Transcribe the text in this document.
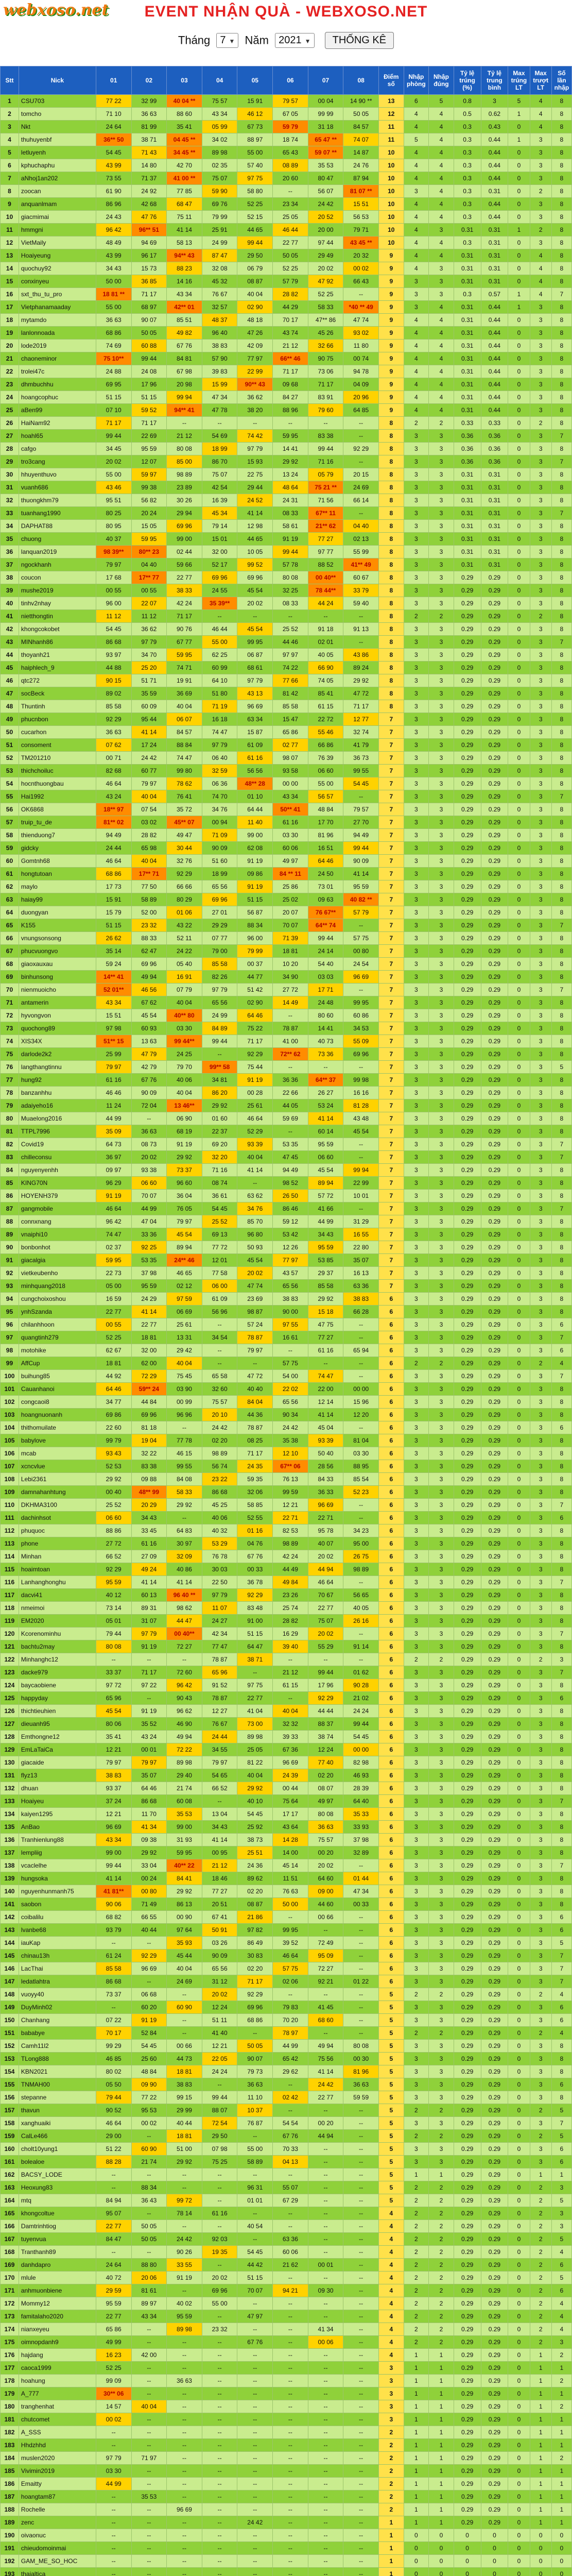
webxoso.net	EVENT NHẬN QUÀ - WEBXOSO.NET
Tháng 7 ▼ Năm 2021 ▼ THỐNG KÊ
Stt	Nick	01	02	03	04	05	06	07	08	Điểm số	Nhập phòng	Nhập đúng	Tỷ lệ trúng (%)	Tỷ lệ trung bình	Max trúng LT	Max trượt LT	Số lần nhập
1	CSU703	77 22	32 99	40 04 **	75 57	15 91	79 57	00 04	14 90 **	13	6	5	0.8	3	5	4	8
2	tomcho	71 10	36 63	88 60	43 34	46 12	67 05	99 99	50 05	12	4	4	0.5	0.62	1	4	8
3	Nkt	24 64	81 99	35 41	05 99	67 73	59 79	31 18	84 57	11	4	4	0.3	0.43	0	4	8
4	thuhuyenbf	36** 50	38 71	04 45 **	34 02	88 97	18 74	65 47 **	74 07	11	5	4	0.3	0.44	1	3	8
5	letluyenh	54 45	71 43	34 45 **	89 98	55 00	65 43	59 07 **	14 87	10	4	4	0.3	0.44	0	3	8
6	kphuchaphu	43 99	14 80	42 70	02 35	57 40	08 89	35 53	24 76	10	4	4	0.3	0.44	0	3	8
7	aNhoj1an202	73 55	71 37	41 00 **	75 07	97 75	20 60	80 47	87 94	10	4	4	0.3	0.44	0	3	8
8	zoocan	61 90	24 92	77 85	59 90	58 80	--	56 07	81 07 **	10	3	4	0.3	0.31	0	2	8
9	anquanlmam	86 96	42 68	68 47	69 76	52 25	23 34	24 42	15 51	10	4	4	0.3	0.44	0	3	8
10	giacmimai	24 43	47 76	75 11	79 99	52 15	25 05	20 52	56 53	10	4	4	0.3	0.44	0	3	8
11	hmmgni	96 42	96** 51	41 14	25 91	44 65	46 44	20 00	79 71	10	4	3	0.31	0.31	1	2	8
12	VietMaily	48 49	94 69	58 13	24 99	99 44	22 77	97 44	43 45 **	10	4	4	0.3	0.31	0	3	8
13	Hoaiyeung	43 99	96 17	94** 43	87 47	29 50	50 05	29 49	20 32	9	4	4	0.31	0.31	0	4	8
14	quochuy92	34 43	15 73	88 23	32 08	06 79	52 25	20 02	00 02	9	4	3	0.31	0.31	0	4	8
15	conxinyeu	50 00	36 85	14 16	45 32	08 87	57 79	47 92	66 43	9	3	3	0.31	0.31	0	4	8
16	sxt_thu_tu_pro	18 81 **	71 17	43 34	76 67	40 04	28 82	52 25	--	9	3	3	0.3	0.57	1	4	7
17	Vietphanamaaday	55 00	68 97	42** 01	32 57	02 90	44 29	58 33	*40 ** 49	9	3	4	0.31	0.44	1	3	8
18	mytamdo	36 63	90 07	85 51	48 37	48 18	70 17	47** 86	47 74	9	4	4	0.31	0.44	0	3	8
19	lanlonnoada	68 86	50 05	49 82	96 40	47 26	43 74	45 26	93 02	9	4	4	0.31	0.44	0	3	8
20	lode2019	74 69	60 88	67 76	38 83	42 09	21 12	32 66	11 80	9	4	4	0.31	0.44	0	3	8
21	chaoneminor	75 10**	99 44	84 81	57 90	77 97	66** 46	90 75	00 74	9	4	4	0.31	0.44	0	3	8
22	trolei47c	24 88	24 08	67 98	39 83	22 99	71 17	73 06	94 78	9	4	4	0.31	0.44	0	3	8
23	dhmbuchhu	69 95	17 96	20 98	15 99	90** 43	09 68	71 17	04 09	9	4	4	0.31	0.44	0	3	8
24	hoangcophuc	51 15	51 15	99 94	47 34	36 62	84 27	83 91	20 96	9	4	4	0.31	0.44	0	3	8
25	aBen99	07 10	59 52	94** 41	47 78	38 20	88 96	79 60	64 85	9	4	4	0.31	0.44	0	3	8
26	HaiNam92	71 17	71 17	--	--	--	--	--	--	8	2	2	0.33	0.33	0	2	8
27	hoahl65	99 44	22 69	21 12	54 69	74 42	59 95	83 38	--	8	3	3	0.36	0.36	0	3	7
28	cafgo	34 45	95 59	80 08	18 99	97 79	14 41	99 44	92 29	8	3	3	0.36	0.36	0	3	8
29	tro3cang	20 02	12 07	85 00	86 70	15 93	29 92	71 16	--	8	3	3	0.36	0.36	0	3	7
30	hhuyenthuvo	55 00	59 97	98 89	75 07	22 75	13 24	05 79	20 15	8	3	3	0.31	0.31	0	3	8
31	vuanh686	43 46	99 38	23 89	42 54	29 44	48 64	75 21 **	24 69	8	3	3	0.31	0.31	0	3	8
32	thuongkhm79	95 51	56 82	30 26	16 39	24 52	24 31	71 56	66 14	8	3	3	0.31	0.31	0	3	8
33	tuanhang1990	80 25	20 24	29 94	45 34	41 14	08 33	67** 11	--	8	3	3	0.31	0.31	0	3	7
34	DAPHAT88	80 95	15 05	69 96	79 14	12 98	58 61	21** 62	04 40	8	3	3	0.31	0.31	0	3	8
35	chuong	40 37	59 95	99 00	15 01	44 65	91 19	77 27	02 13	8	3	3	0.31	0.31	0	3	8
36	lanquan2019	98 39**	80** 23	02 44	32 00	10 05	99 44	97 77	55 99	8	3	3	0.31	0.31	0	3	8
37	ngockhanh	79 97	04 40	59 66	52 17	99 52	57 78	88 52	41** 49	8	3	3	0.31	0.31	0	3	8
38	coucon	17 68	17** 77	22 77	69 96	69 96	80 08	00 40**	60 67	8	3	3	0.29	0.29	0	3	8
39	mushe2019	00 55	00 55	38 33	24 55	45 54	32 25	78 44**	33 79	8	3	3	0.29	0.29	0	3	8
40	tinhv2nhay	96 00	22 07	42 24	35 39**	20 02	08 33	44 24	59 40	8	3	3	0.29	0.29	0	3	8
41	nietthongtin	11 12	11 12	71 17	--	--	--	--	--	8	2	2	0.29	0.29	0	2	8
42	khongcokobet	54 45	36 62	90 76	46 44	45 54	25 52	91 18	91 13	8	3	3	0.29	0.29	0	3	8
43	MINhanh86	86 68	97 79	67 77	55 00	99 95	44 46	02 01	--	8	3	3	0.29	0.29	0	3	7
44	thoyanh21	93 97	34 70	59 95	62 25	06 87	97 97	40 05	43 86	8	3	3	0.29	0.29	0	3	8
45	haiphlech_9	44 88	25 20	74 71	60 99	68 61	74 22	66 90	89 24	8	3	3	0.29	0.29	0	3	8
46	qtc272	90 15	51 71	19 91	64 10	97 79	77 66	74 05	29 92	8	3	3	0.29	0.29	0	3	8
47	socBeck	89 02	35 59	36 69	51 80	43 13	81 42	85 41	47 72	8	3	3	0.29	0.29	0	3	8
48	Thuntinh	85 58	60 09	40 04	71 19	96 69	85 58	61 15	71 17	8	3	3	0.29	0.29	0	3	8
49	phucnbon	92 29	95 44	06 07	16 18	63 34	15 47	22 72	12 77	7	3	3	0.29	0.29	0	3	8
50	cucarhon	36 63	41 14	84 57	74 47	15 87	65 86	55 46	32 74	7	3	3	0.29	0.29	0	3	8
51	consoment	07 62	17 24	88 84	97 79	61 09	02 77	66 86	41 79	7	3	3	0.29	0.29	0	3	8
52	TM201210	00 71	24 42	74 47	06 40	61 16	98 07	76 39	36 73	7	3	3	0.29	0.29	0	3	8
53	thichchoiluc	82 68	60 77	99 80	32 59	56 56	93 58	06 60	99 55	7	3	3	0.29	0.29	0	3	8
54	hocnthuongbau	46 64	79 97	78 62	06 36	48** 28	00 00	55 00	54 45	7	3	3	0.29	0.29	0	3	8
55	Hai1992	43 24	40 04	76 41	74 70	01 10	43 34	56 57	--	7	3	3	0.29	0.29	0	3	7
56	OK6868	18** 97	07 54	35 72	34 76	64 44	50** 41	48 84	79 57	7	3	3	0.29	0.29	0	3	8
57	truip_tu_de	81** 02	03 02	45** 07	00 94	11 40	61 16	17 70	27 70	7	3	3	0.29	0.29	0	3	8
58	thienduong7	94 49	28 82	49 47	71 09	99 00	03 30	81 96	94 49	7	3	3	0.29	0.29	0	3	8
59	gidcky	24 44	65 98	30 44	90 09	62 08	60 06	16 51	99 44	7	3	3	0.29	0.29	0	3	8
60	Gomtnh68	46 64	40 04	32 76	51 60	91 19	49 97	64 46	90 09	7	3	3	0.29	0.29	0	3	8
61	hongtutoan	68 86	17** 71	92 29	18 99	09 86	84 ** 11	24 50	41 14	7	3	3	0.29	0.29	0	3	8
62	maylo	17 73	77 50	66 66	65 56	91 19	25 86	73 01	95 59	7	3	3	0.29	0.29	0	3	8
63	haiay99	15 91	58 89	80 29	69 96	51 15	25 02	09 63	40 82 **	7	3	3	0.29	0.29	0	3	8
64	duongyan	15 79	52 00	01 06	27 01	56 87	20 07	76 67**	57 79	7	3	3	0.29	0.29	0	3	8
65	K155	51 15	23 32	43 22	29 29	88 34	70 07	64** 74	--	7	3	3	0.29	0.29	0	3	7
66	vnungsonsong	26 62	88 33	52 11	07 77	96 00	71 39	99 44	57 75	7	3	3	0.29	0.29	0	3	8
67	phucvuongvo	35 14	62 47	24 22	79 00	79 99	18 81	24 14	00 80	7	3	3	0.29	0.29	0	3	8
68	giaoxauxau	59 24	69 96	05 40	85 58	00 37	10 20	54 40	24 54	7	3	3	0.29	0.29	0	3	8
69	binhunsong	14** 41	49 94	16 91	82 26	44 77	34 90	03 03	96 69	7	3	3	0.29	0.29	0	3	8
70	nienmuoicho	52 01**	46 56	07 79	97 79	51 42	27 72	17 71	--	7	3	3	0.29	0.29	0	3	7
71	antamerin	43 34	67 62	40 04	65 56	02 90	14 49	24 48	99 95	7	3	3	0.29	0.29	0	3	8
72	hyvongvon	15 51	45 54	40** 80	24 99	64 46	--	80 60	60 86	7	3	3	0.29	0.29	0	3	8
73	quochong89	97 98	60 93	03 30	84 89	75 22	78 87	14 41	34 53	7	3	3	0.29	0.29	0	3	8
74	XIS34X	51** 15	13 63	99 44**	99 44	71 17	41 00	40 73	55 09	7	3	3	0.29	0.29	0	3	8
75	darlode2k2	25 99	47 79	24 25	--	92 29	72** 62	73 36	69 96	7	3	3	0.29	0.29	0	3	8
76	langthangtinnu	79 97	42 79	79 70	99** 58	75 44	--	--	--	7	3	3	0.29	0.29	0	3	5
77	hung92	61 16	67 76	40 06	34 81	91 19	36 36	64** 37	99 98	7	3	3	0.29	0.29	0	3	8
78	banzanhhu	46 46	90 09	40 04	86 20	00 28	22 66	26 27	16 16	7	3	3	0.29	0.29	0	3	8
79	adaiyeho16	11 24	72 04	13 46**	29 92	25 61	44 05	53 24	81 28	7	3	3	0.29	0.29	0	3	8
80	Muaelong2016	44 99	--	06 90	01 60	46 64	59 69	41 14	43 48	7	3	3	0.29	0.29	0	3	8
81	TTPL7996	35 09	36 63	68 19	22 37	52 29	--	60 14	45 54	7	3	3	0.29	0.29	0	3	8
82	Covid19	64 73	08 73	91 19	69 20	93 39	53 35	95 59	--	7	3	3	0.29	0.29	0	3	7
83	chilleconsu	36 97	20 02	29 92	32 20	40 04	47 45	06 60	--	7	3	3	0.29	0.29	0	3	7
84	nguyenyenhh	09 97	93 38	73 37	71 16	41 14	94 49	45 54	99 94	7	3	3	0.29	0.29	0	3	8
85	KING70N	96 29	06 60	96 60	08 74	--	98 52	89 94	22 99	7	3	3	0.29	0.29	0	3	8
86	HOYENH379	91 19	70 07	36 04	36 61	63 62	26 50	57 72	10 01	7	3	3	0.29	0.29	0	3	8
87	gangmobile	46 64	44 99	76 05	54 45	34 76	86 46	41 66	--	7	3	3	0.29	0.29	0	3	7
88	connxnang	96 42	47 04	79 97	25 52	85 70	59 12	44 99	31 29	7	3	3	0.29	0.29	0	3	8
89	vnaiphi10	74 47	33 36	45 54	69 13	96 80	53 42	34 43	16 55	7	3	3	0.29	0.29	0	3	8
90	bonbonhot	02 37	92 25	89 94	77 72	50 93	12 26	95 59	22 80	7	3	3	0.29	0.29	0	3	8
91	giacalgia	59 95	53 35	24** 46	12 01	45 54	77 97	53 85	35 07	7	3	3	0.29	0.29	0	3	8
92	vietkeubenho	22 73	37 98	46 65	77 58	20 02	43 57	29 37	16 13	7	3	3	0.29	0.29	0	3	8
93	minhquang2018	05 00	95 59	02 12	06 00	47 74	65 56	85 58	63 36	7	3	3	0.29	0.29	0	3	8
94	cungchoixoshou	16 59	24 29	97 59	61 09	23 69	38 83	29 92	38 83	6	3	3	0.29	0.29	0	3	8
95	ynhSzanda	22 77	41 14	06 69	56 96	98 87	90 00	15 18	66 28	6	3	3	0.29	0.29	0	3	8
96	chilanhhoon	00 55	22 77	25 61	--	57 24	97 55	47 75	--	6	3	3	0.29	0.29	0	3	6
97	quangtinh279	52 25	18 81	13 31	34 54	78 87	16 61	77 27	--	6	3	3	0.29	0.29	0	3	7
98	motohike	62 67	32 00	29 42	--	79 97	--	61 16	65 94	6	3	3	0.29	0.29	0	3	6
99	AffCup	18 81	62 00	40 04	--	--	57 75	--	--	6	2	2	0.29	0.29	0	2	4
100	buihung85	44 92	72 29	75 45	65 58	47 72	54 00	74 47	--	6	3	3	0.29	0.29	0	3	7
101	Cauanhanoi	64 46	59** 24	03 90	32 60	40 40	22 02	22 00	00 00	6	3	3	0.29	0.29	0	3	8
102	congcaoi8	34 77	44 84	00 99	75 57	84 04	65 56	12 14	15 96	6	3	3	0.29	0.29	0	3	8
103	hoangnuonanh	69 86	69 96	96 96	20 10	44 36	90 34	41 14	12 20	6	3	3	0.29	0.29	0	3	8
104	thithomuilate	22 60	81 18	--	24 42	78 87	24 42	45 04	--	6	3	3	0.29	0.29	0	3	6
105	babylove	99 79	19 04	77 78	02 20	08 25	35 38	93 39	81 04	6	3	3	0.29	0.29	0	3	8
106	mcab	93 43	32 22	46 15	98 89	71 17	12 10	50 40	03 30	6	3	3	0.29	0.29	0	3	8
107	xcncvlue	52 53	83 38	99 55	56 74	24 35	67** 06	28 56	88 95	6	3	3	0.29	0.29	0	3	8
108	Lebi2361	29 92	09 88	84 08	23 22	59 35	76 13	84 33	85 54	6	3	3	0.29	0.29	0	3	8
109	damnahanhtung	00 40	48** 99	58 33	86 68	32 06	99 59	36 33	52 23	6	3	3	0.29	0.29	0	3	8
110	DKHMA3100	25 52	20 29	29 92	45 25	58 85	12 21	96 69	--	6	3	3	0.29	0.29	0	3	7
111	dachinhsot	06 60	34 43	--	40 06	52 55	22 71	22 71	--	6	3	3	0.29	0.29	0	3	6
112	phuquoc	88 86	33 45	64 83	40 32	01 16	82 53	95 78	34 23	6	3	3	0.29	0.29	0	3	8
113	phone	27 72	61 16	30 97	53 29	04 76	98 89	40 07	95 00	6	3	3	0.29	0.29	0	3	8
114	Minhan	66 52	27 09	32 09	76 78	67 76	42 24	20 02	26 75	6	3	3	0.29	0.29	0	3	8
115	hoaimtoan	92 29	49 24	40 86	30 03	00 33	44 49	44 94	98 89	6	3	3	0.29	0.29	0	3	8
116	Lanhanghonghu	95 59	41 14	41 14	22 50	36 78	49 84	46 64	--	6	3	3	0.29	0.29	0	3	7
117	dacvi41	40 12	60 13	96 40 **	97 79	92 29	23 26	70 67	56 65	6	3	3	0.29	0.29	0	3	8
118	nmeimoi	73 14	89 31	98 62	11 07	83 48	25 74	22 77	40 05	6	3	3	0.29	0.29	0	3	8
119	EM2020	05 01	31 07	44 47	24 27	91 00	28 82	75 07	26 16	6	3	3	0.29	0.29	0	3	8
120	Kcorenominhu	79 44	97 79	00 40**	42 34	51 15	16 29	20 02	--	6	3	3	0.29	0.29	0	3	7
121	bachtu2may	80 08	91 19	72 27	77 47	64 47	39 40	55 29	91 14	6	3	3	0.29	0.29	0	3	8
122	Minhanghc12	--	--	--	78 87	38 71	--	--	--	6	2	2	0.29	0.29	0	2	3
123	dacke979	33 37	71 17	72 60	65 96	--	21 12	99 44	01 62	6	3	3	0.29	0.29	0	3	7
124	baycaobiene	97 72	97 22	96 42	91 52	97 75	61 15	17 96	90 28	6	3	3	0.29	0.29	0	3	8
125	happyday	65 96	--	90 43	78 87	22 77	--	92 29	21 02	6	3	3	0.29	0.29	0	3	6
126	thichtieuhien	45 54	91 19	96 62	12 27	41 04	40 04	44 44	24 24	6	3	3	0.29	0.29	0	3	8
127	dieuanh95	80 06	35 52	46 90	76 67	73 00	32 32	88 37	99 44	6	3	3	0.29	0.29	0	3	8
128	Emthongne12	35 41	43 24	49 94	24 44	89 98	39 33	38 74	54 45	6	3	3	0.29	0.29	0	3	8
129	EmLaTaiCa	12 21	00 01	72 22	34 55	25 05	67 36	12 24	00 00	6	3	3	0.29	0.29	0	3	8
130	giacaide	79 97	79 97	89 98	79 97	81 22	96 69	77 40	82 98	6	3	3	0.29	0.29	0	3	8
131	flyz13	38 83	35 07	29 40	54 65	40 04	24 39	02 20	46 93	6	3	3	0.29	0.29	0	3	8
132	dhuan	93 37	64 46	21 74	66 52	29 92	00 44	08 07	28 39	6	3	3	0.29	0.29	0	3	8
133	Hoaiyeu	37 24	86 68	60 08	--	40 10	75 64	49 97	64 40	6	3	3	0.29	0.29	0	3	7
134	kaiyen1295	12 21	11 70	35 53	13 04	54 45	17 17	80 08	35 33	6	3	3	0.29	0.29	0	3	8
135	AnBao	96 69	41 34	99 00	34 43	25 92	43 64	36 63	33 93	6	3	3	0.29	0.29	0	3	8
136	Tranhienlung88	43 34	09 38	31 93	41 14	38 73	14 28	75 57	37 98	6	3	3	0.29	0.29	0	3	8
137	lempliig	99 00	29 92	59 95	00 95	25 51	14 00	00 20	32 89	6	3	3	0.29	0.29	0	3	8
138	vcaclelhe	99 44	33 04	40** 22	21 12	24 36	45 14	20 02	--	6	3	3	0.29	0.29	0	3	7
139	hungsoka	41 14	00 24	84 41	18 46	89 62	11 51	64 60	01 44	6	3	3	0.29	0.29	0	3	8
140	nguyenhunmanh75	41 81**	00 80	29 92	77 27	02 20	76 63	09 00	47 34	6	3	3	0.29	0.29	0	3	8
141	saobon	90 06	71 49	86 13	20 51	08 87	50 00	44 60	00 33	6	3	3	0.29	0.29	0	3	8
142	coibalilu	68 82	66 55	00 90	67 41	21 86	--	00 66	--	6	3	3	0.29	0.29	0	3	6
143	lvanbe68	93 79	40 44	97 64	50 91	97 82	99 95	--	--	6	3	3	0.29	0.29	0	3	6
144	iauKap	--	--	35 93	03 26	86 49	39 52	72 49	--	6	3	3	0.29	0.29	0	3	5
145	chinau13h	61 24	92 29	45 44	90 09	30 83	46 64	95 09	--	6	3	3	0.29	0.29	0	3	7
146	LacThai	85 58	96 69	40 04	65 56	02 20	57 75	72 27	--	6	3	3	0.29	0.29	0	3	7
147	ledatlahtra	86 68	--	24 69	31 12	71 17	02 06	92 21	01 22	6	3	3	0.29	0.29	0	3	7
148	vuoyy40	73 37	06 68	--	20 02	92 29	--	--	--	5	2	2	0.29	0.29	0	2	4
149	DuyMinh02	--	60 20	60 90	12 24	69 96	79 83	41 45	--	5	3	3	0.29	0.29	0	3	6
150	Chanhang	07 22	91 19	--	51 11	68 86	70 20	68 60	--	5	3	3	0.29	0.29	0	3	6
151	bababye	70 17	52 84	--	41 40	--	78 97	--	--	5	2	2	0.29	0.29	0	2	4
152	Camh11l2	99 29	54 45	00 66	12 21	50 05	44 99	49 94	80 08	5	3	3	0.29	0.29	0	3	8
153	TLong888	46 85	25 60	44 73	22 05	90 07	65 42	75 56	00 30	5	3	3	0.29	0.29	0	3	8
154	KBN2021	80 02	48 84	18 81	24 24	79 73	29 62	41 14	81 96	5	3	3	0.29	0.29	0	3	8
155	TNMAH00	05 50	09 90	38 83	--	36 63	--	24 42	36 63	5	3	3	0.29	0.29	0	3	6
156	stepanne	79 44	77 22	99 15	99 44	11 10	02 42	22 77	59 59	5	3	3	0.29	0.29	0	3	8
157	thavun	90 52	95 53	29 99	88 07	10 37	--	--	--	5	2	2	0.29	0.29	0	2	5
158	xanghuaiki	46 64	00 02	40 44	72 54	76 87	54 54	00 20	--	5	3	3	0.29	0.29	0	3	7
159	CalLe466	29 00	--	18 81	29 50	--	67 76	44 94	--	5	2	2	0.29	0.29	0	2	5
160	cholt10yung1	51 22	60 90	51 00	07 98	55 00	70 33	--	--	5	3	3	0.29	0.29	0	3	6
161	bolealoe	88 28	21 74	29 92	75 25	58 89	04 13	--	--	5	3	3	0.29	0.29	0	3	6
162	BACSY_LODE	--	--	--	--	--	--	--	--	5	1	1	0.29	0.29	0	1	1
163	Heoxung83	--	88 34	--	--	96 31	55 07	--	--	5	2	2	0.29	0.29	0	2	3
164	mtq	84 94	36 43	99 72	--	01 01	67 29	--	--	5	2	2	0.29	0.29	0	2	5
165	khongcoltue	95 07	--	78 14	61 16	--	--	--	--	4	2	2	0.29	0.29	0	2	3
166	Damtrinhtiog	22 77	50 05	--	--	40 54	--	--	--	4	2	2	0.29	0.29	0	2	3
167	tuyenvua	84 47	50 05	24 42	92 03	--	63 36	--	--	4	2	2	0.29	0.29	0	2	5
168	Tranthanh89	--	--	90 26	19 35	54 45	60 06	--	--	4	2	2	0.29	0.29	0	2	4
169	danhdapro	24 64	88 80	33 55	--	44 42	21 62	00 01	--	4	2	2	0.29	0.29	0	2	6
170	mlule	40 72	20 06	91 19	20 02	51 15	--	--	--	4	2	2	0.29	0.29	0	2	5
171	anhmuonbiene	29 59	81 61	--	69 96	70 07	94 21	09 30	--	4	2	2	0.29	0.29	0	2	6
172	Mommy12	95 59	89 97	40 02	55 00	--	--	--	--	4	2	2	0.29	0.29	0	2	4
173	famitalaho2020	22 77	43 34	95 59	--	47 97	--	--	--	4	2	2	0.29	0.29	0	2	4
174	nianxeyeu	65 86	--	89 98	23 32	--	--	41 34	--	4	2	2	0.29	0.29	0	2	4
175	oimnopdanh9	49 99	--	--	--	67 76	--	00 06	--	4	2	2	0.29	0.29	0	2	3
176	hajdang	16 23	42 00	--	--	--	--	--	--	4	1	1	0.29	0.29	0	1	2
177	caoca1999	52 25	--	--	--	--	--	--	--	3	1	1	0.29	0.29	0	1	1
178	hoahung	99 09	--	36 63	--	--	--	--	--	3	1	1	0.29	0.29	0	1	2
179	A_777	30** 06	--	--	--	--	--	--	--	3	1	1	0.29	0.29	0	1	1
180	tranghenhat	14 57	40 04	--	--	--	--	--	--	3	1	1	0.29	0.29	0	1	2
181	chutcomet	00 02	--	--	--	--	--	--	--	3	1	1	0.29	0.29	0	1	1
182	A_SSS	--	--	--	--	--	--	--	--	2	1	1	0.29	0.29	0	1	1
183	Hhdzhhd	--	--	--	--	--	--	--	--	2	1	1	0.29	0.29	0	1	1
184	muslen2020	97 79	71 97	--	--	--	--	--	--	2	1	1	0.29	0.29	0	1	2
185	Vivimin2019	03 30	--	--	--	--	--	--	--	2	1	1	0.29	0.29	0	1	1
186	Emaitty	44 99	--	--	--	--	--	--	--	2	1	1	0.29	0.29	0	1	1
187	hoangtam87	--	35 53	--	--	--	--	--	--	2	1	1	0.29	0.29	0	1	1
188	Rochelle	--	--	96 69	--	--	--	--	--	2	1	1	0.29	0.29	0	1	1
189	zenc	--	--	--	--	24 42	--	--	--	1	1	1	0.29	0.29	0	1	1
190	oivaonuc	--	--	--	--	--	--	--	--	1	0	0	0	0	0	0	0
191	chieudomoinmai	--	--	--	--	--	--	--	--	1	0	0	0	0	0	0	0
192	GAM_ME_SO_HOC	--	--	--	--	--	--	--	--	1	0	0	0	0	0	0	0
193	thaialtica	--	--	--	--	--	--	--	--	1	0	0	0	0	0	0	0
